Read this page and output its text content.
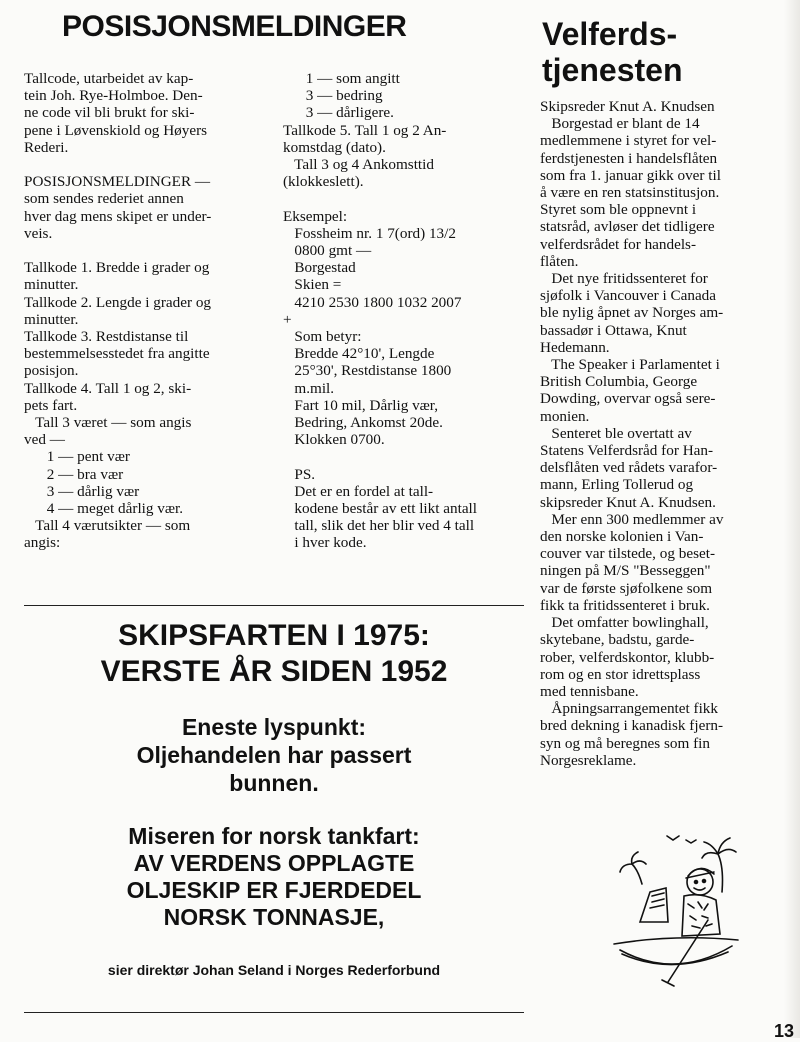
POSISJONSMELDINGER
Tallcode, utarbeidet av kap-
tein Joh. Rye-Holmboe. Den-
ne code vil bli brukt for ski-
pene i Løvenskiold og Høyers
Rederi.

POSISJONSMELDINGER —
som sendes rederiet annen
hver dag mens skipet er under-
veis.

Tallkode 1. Bredde i grader og
minutter.
Tallkode 2. Lengde i grader og
minutter.
Tallkode 3. Restdistanse til
bestemmelsesstedet fra angitte
posisjon.
Tallkode 4. Tall 1 og 2, ski-
pets fart.
Tall 3 været — som angis
ved —
1 — pent vær
2 — bra vær
3 — dårlig vær
4 — meget dårlig vær.
Tall 4 værutsikter — som
angis:
1 — som angitt
3 — bedring
3 — dårligere.
Tallkode 5. Tall 1 og 2 An-
komstdag (dato).
Tall 3 og 4 Ankomsttid
(klokkeslett).

Eksempel:
Fossheim nr. 1 7(ord) 13/2
0800 gmt —
Borgestad
Skien =
4210 2530 1800 1032 2007
+
Som betyr:
Bredde 42°10', Lengde
25°30', Restdistanse 1800
m.mil.
Fart 10 mil, Dårlig vær,
Bedring, Ankomst 20de.
Klokken 0700.

PS.
Det er en fordel at tall-
kodene består av ett likt antall
tall, slik det her blir ved 4 tall
i hver kode.
Velferds-
tjenesten
Skipsreder Knut A. Knudsen
Borgestad er blant de 14
medlemmene i styret for vel-
ferdstjenesten i handelsflåten
som fra 1. januar gikk over til
å være en ren statsinstitusjon.
Styret som ble oppnevnt i
statsråd, avløser det tidligere
velferdsrådet for handels-
flåten.
Det nye fritidssenteret for
sjøfolk i Vancouver i Canada
ble nylig åpnet av Norges am-
bassadør i Ottawa, Knut
Hedemann.
The Speaker i Parlamentet i
British Columbia, George
Dowding, overvar også sere-
monien.
Senteret ble overtatt av
Statens Velferdsråd for Han-
delsflåten ved rådets varafor-
mann, Erling Tollerud og
skipsreder Knut A. Knudsen.
Mer enn 300 medlemmer av
den norske kolonien i Van-
couver var tilstede, og beset-
ningen på M/S "Besseggen"
var de første sjøfolkene som
fikk ta fritidssenteret i bruk.
Det omfatter bowlinghall,
skytebane, badstu, garde-
rober, velferdskontor, klubb-
rom og en stor idrettsplass
med tennisbane.
Åpningsarrangementet fikk
bred dekning i kanadisk fjern-
syn og må beregnes som fin
Norgesreklame.
SKIPSFARTEN I 1975:
VERSTE ÅR SIDEN 1952
Eneste lyspunkt:
Oljehandelen har passert
bunnen.
Miseren for norsk tankfart:
AV VERDENS OPPLAGTE
OLJESKIP ER FJERDEDEL
NORSK TONNASJE,
sier direktør Johan Seland i Norges Rederforbund
13
